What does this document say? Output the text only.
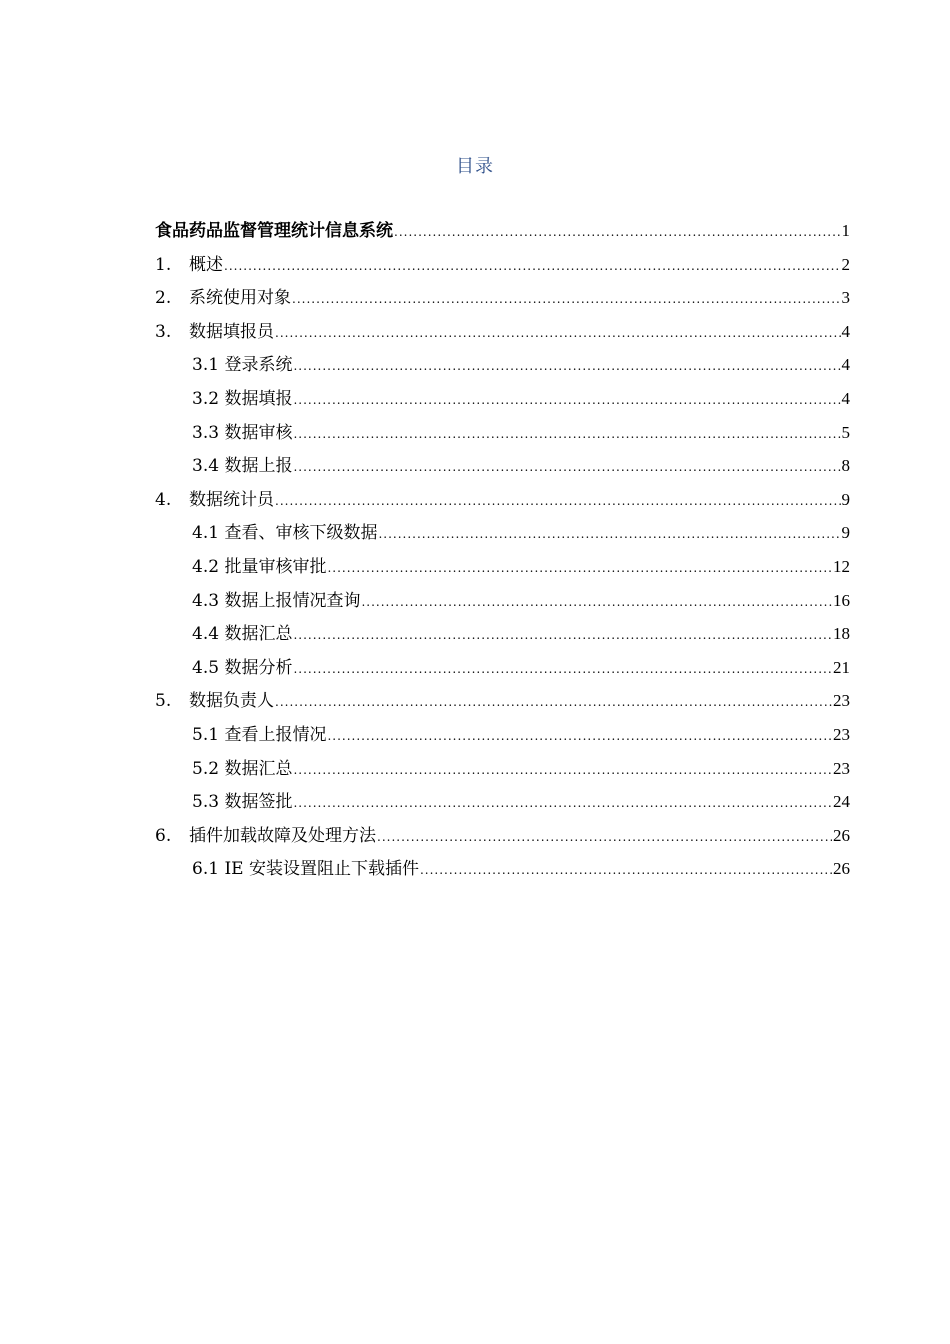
目录
食品药品监督管理统计信息系统 .....	1
1.	概述 .....	2
2.	系统使用对象 .....	3
3.	数据填报员 .....	4
3.1 登录系统 .....	4
3.2 数据填报 .....	4
3.3 数据审核 .....	5
3.4 数据上报 .....	8
4.	数据统计员 .....	9
4.1 查看、审核下级数据 .....	9
4.2 批量审核审批 .....	12
4.3 数据上报情况查询 .....	16
4.4 数据汇总 .....	18
4.5 数据分析 .....	21
5.	数据负责人 .....	23
5.1 查看上报情况 .....	23
5.2 数据汇总 .....	23
5.3 数据签批 .....	24
6.	插件加载故障及处理方法 .....	26
6.1 IE 安装设置阻止下载插件 .....	26
